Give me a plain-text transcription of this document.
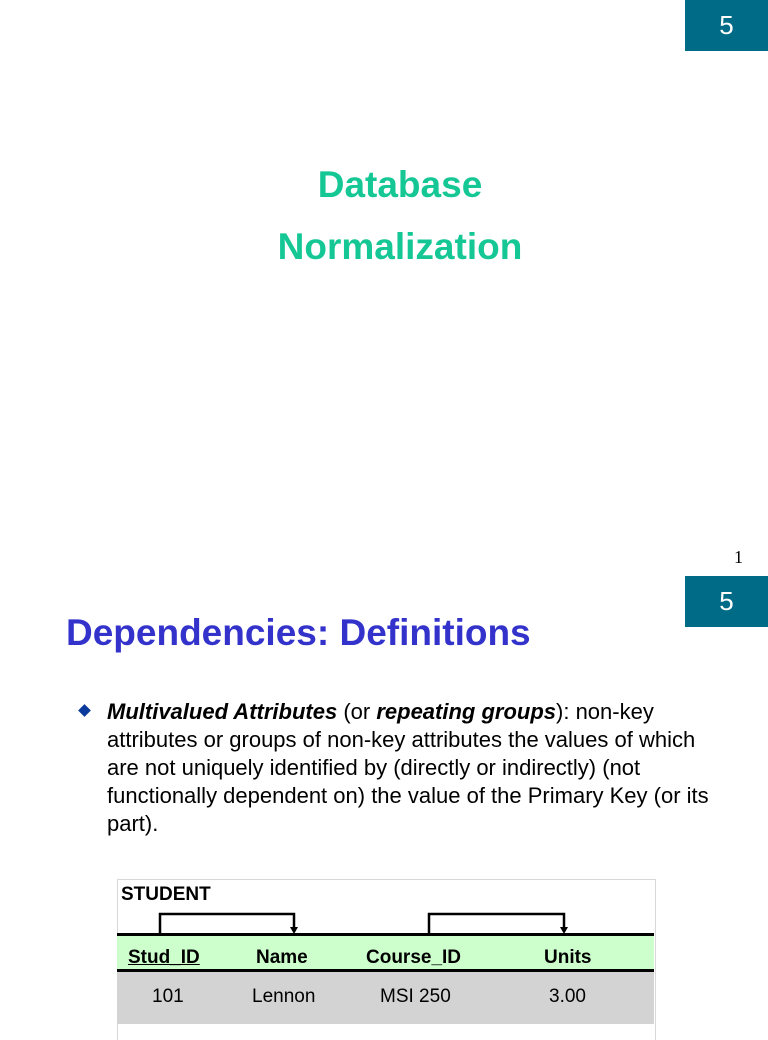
5
Database
Normalization
1
5
Dependencies: Definitions
Multivalued Attributes (or repeating groups): non-key attributes or groups of non-key attributes the values of which are not uniquely identified by (directly or indirectly) (not functionally dependent on) the value of the Primary Key (or its part).
STUDENT
Stud_ID	Name	Course_ID	Units
101	Lennon	MSI 250	3.00
